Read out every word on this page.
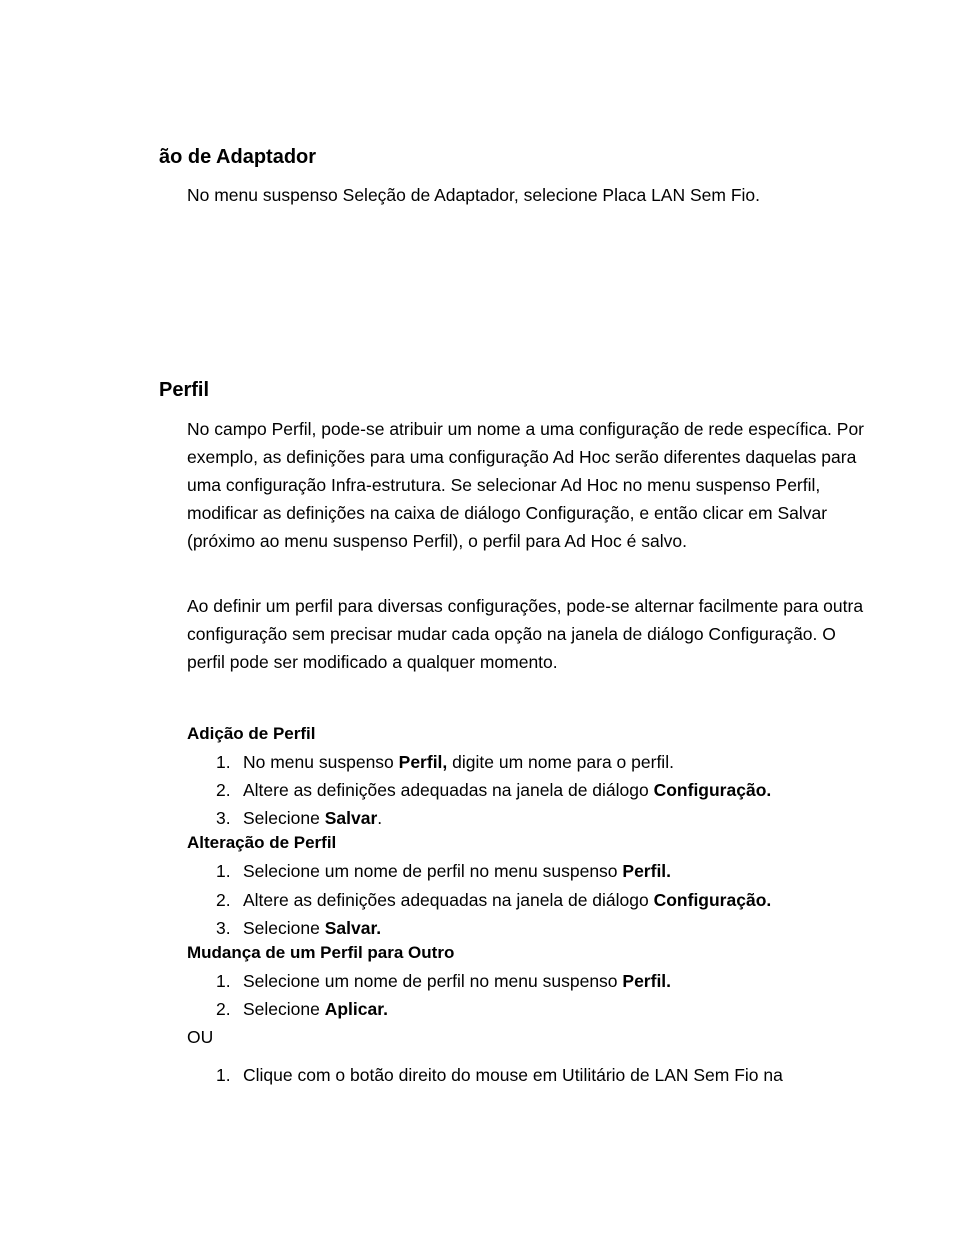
ão de Adaptador

No menu suspenso Seleção de Adaptador, selecione Placa LAN Sem Fio.

Perfil

No campo Perfil, pode-se atribuir um nome a uma configuração de rede específica. Por exemplo, as definições para uma configuração Ad Hoc serão diferentes daquelas para uma configuração Infra-estrutura. Se selecionar Ad Hoc no menu suspenso Perfil, modificar as definições na caixa de diálogo Configuração, e então clicar em Salvar (próximo ao menu suspenso Perfil), o perfil para Ad Hoc é salvo.

Ao definir um perfil para diversas configurações, pode-se alternar facilmente para outra configuração sem precisar mudar cada opção na janela de diálogo Configuração. O perfil pode ser modificado a qualquer momento.

Adição de Perfil

1. No menu suspenso Perfil, digite um nome para o perfil.

2. Altere as definições adequadas na janela de diálogo Configuração.

3. Selecione Salvar.

Alteração de Perfil

1. Selecione um nome de perfil no menu suspenso Perfil.

2. Altere as definições adequadas na janela de diálogo Configuração.

3. Selecione Salvar.

Mudança de um Perfil para Outro

1. Selecione um nome de perfil no menu suspenso Perfil.

2. Selecione Aplicar.

OU

1. Clique com o botão direito do mouse em Utilitário de LAN Sem Fio na
